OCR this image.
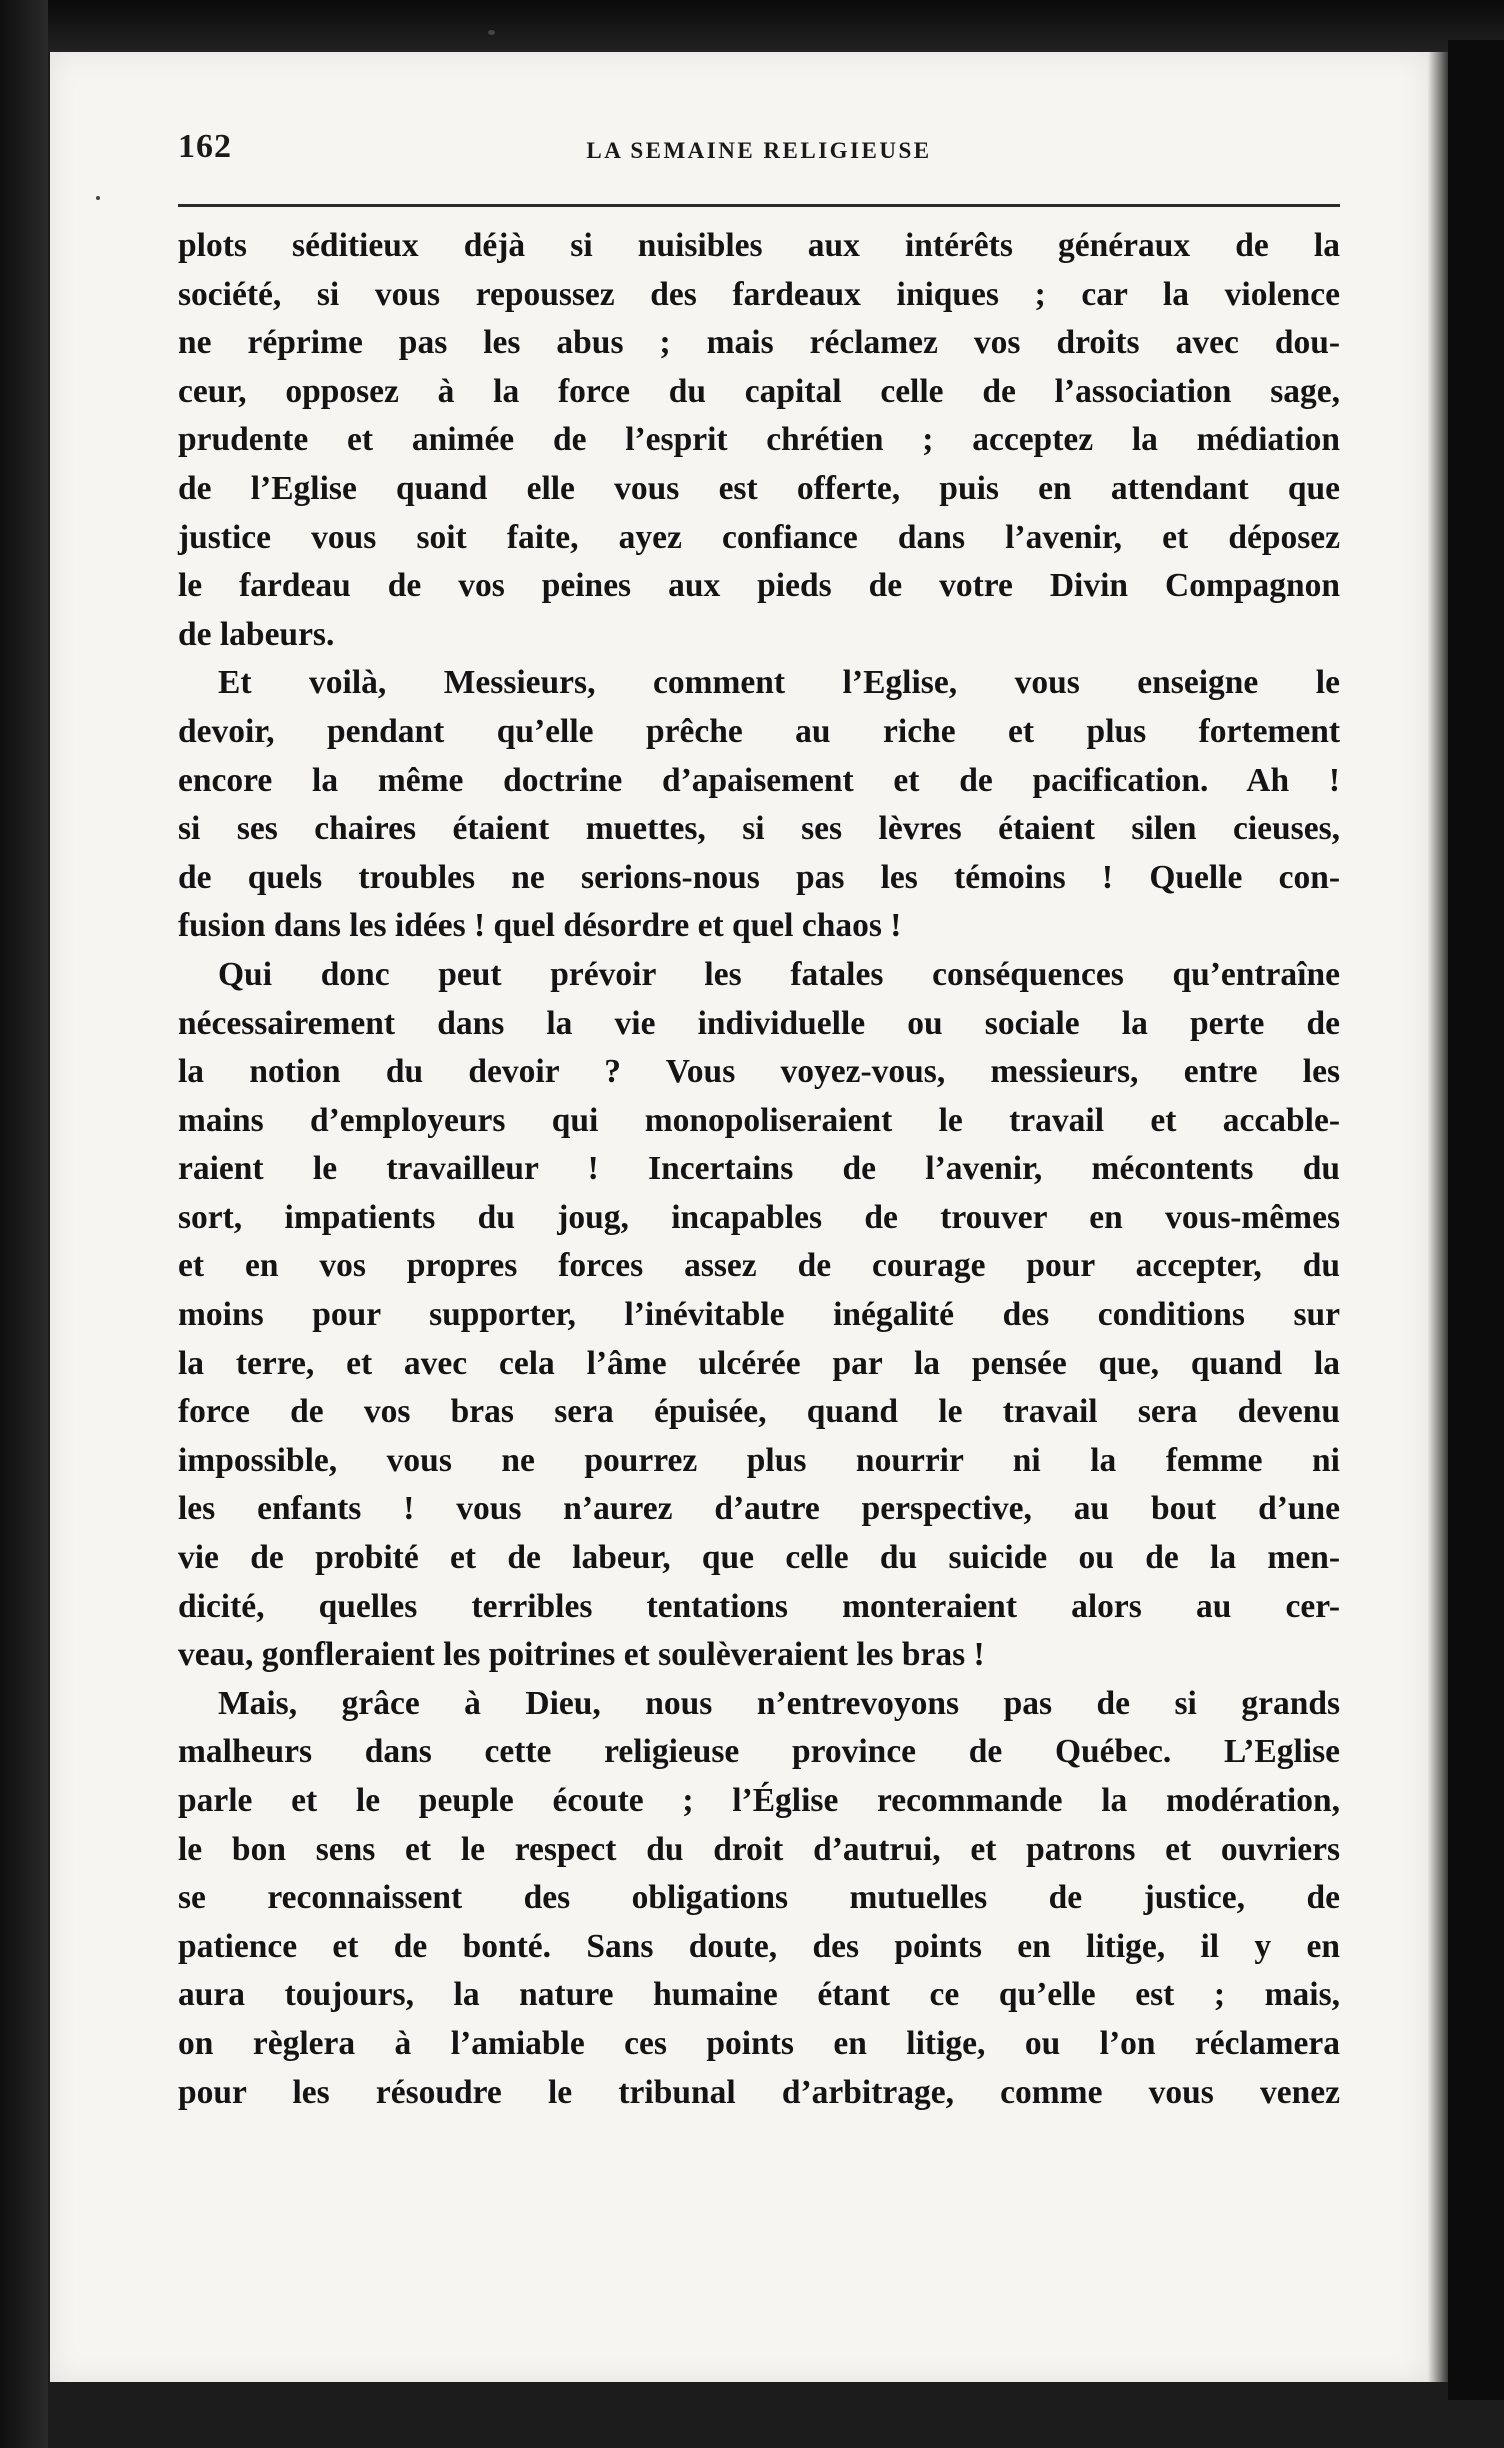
162	LA SEMAINE RELIGIEUSE
plots séditieux déjà si nuisibles aux intérêts généraux de la
société, si vous repoussez des fardeaux iniques ; car la violence
ne réprime pas les abus ; mais réclamez vos droits avec dou-
ceur, opposez à la force du capital celle de l’association sage,
prudente et animée de l’esprit chrétien ; acceptez la médiation
de l’Eglise quand elle vous est offerte, puis en attendant que
justice vous soit faite, ayez confiance dans l’avenir, et déposez
le fardeau de vos peines aux pieds de votre Divin Compagnon
de labeurs.
Et voilà, Messieurs, comment l’Eglise, vous enseigne le
devoir, pendant qu’elle prêche au riche et plus fortement
encore la même doctrine d’apaisement et de pacification. Ah !
si ses chaires étaient muettes, si ses lèvres étaient silen cieuses,
de quels troubles ne serions-nous pas les témoins ! Quelle con-
fusion dans les idées ! quel désordre et quel chaos !
Qui donc peut prévoir les fatales conséquences qu’entraîne
nécessairement dans la vie individuelle ou sociale la perte de
la notion du devoir ? Vous voyez-vous, messieurs, entre les
mains d’employeurs qui monopoliseraient le travail et accable-
raient le travailleur ! Incertains de l’avenir, mécontents du
sort, impatients du joug, incapables de trouver en vous-mêmes
et en vos propres forces assez de courage pour accepter, du
moins pour supporter, l’inévitable inégalité des conditions sur
la terre, et avec cela l’âme ulcérée par la pensée que, quand la
force de vos bras sera épuisée, quand le travail sera devenu
impossible, vous ne pourrez plus nourrir ni la femme ni
les enfants ! vous n’aurez d’autre perspective, au bout d’une
vie de probité et de labeur, que celle du suicide ou de la men-
dicité, quelles terribles tentations monteraient alors au cer-
veau, gonfleraient les poitrines et soulèveraient les bras !
Mais, grâce à Dieu, nous n’entrevoyons pas de si grands
malheurs dans cette religieuse province de Québec. L’Eglise
parle et le peuple écoute ; l’Église recommande la modération,
le bon sens et le respect du droit d’autrui, et patrons et ouvriers
se reconnaissent des obligations mutuelles de justice, de
patience et de bonté. Sans doute, des points en litige, il y en
aura toujours, la nature humaine étant ce qu’elle est ; mais,
on règlera à l’amiable ces points en litige, ou l’on réclamera
pour les résoudre le tribunal d’arbitrage, comme vous venez
